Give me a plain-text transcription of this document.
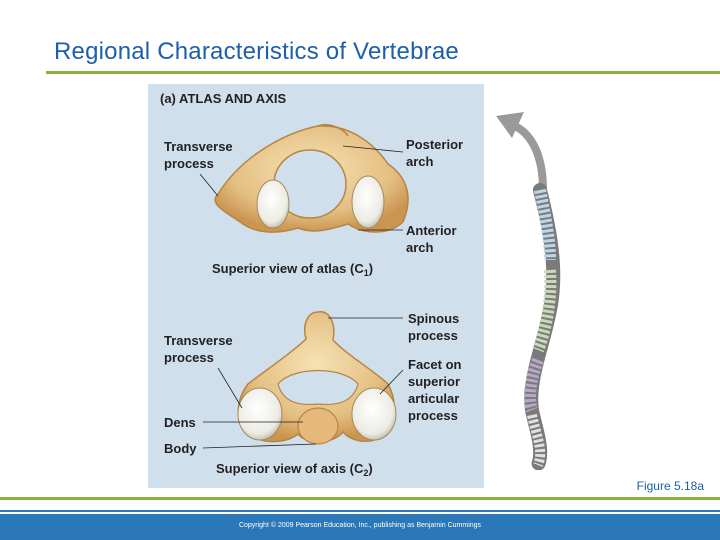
Regional Characteristics of Vertebrae
(a) ATLAS AND AXIS
Transverse
process
Posterior
arch
Anterior
arch
Superior view of atlas $(C_1)$
Spinous
process
Transverse
process	Facet on
superior
articular
process
Dens
Body
Superior view of axis $(C_2)$
Figure 5.18a
Copyright © 2009 Pearson Education, Inc., publishing as Benjamin Cummings
